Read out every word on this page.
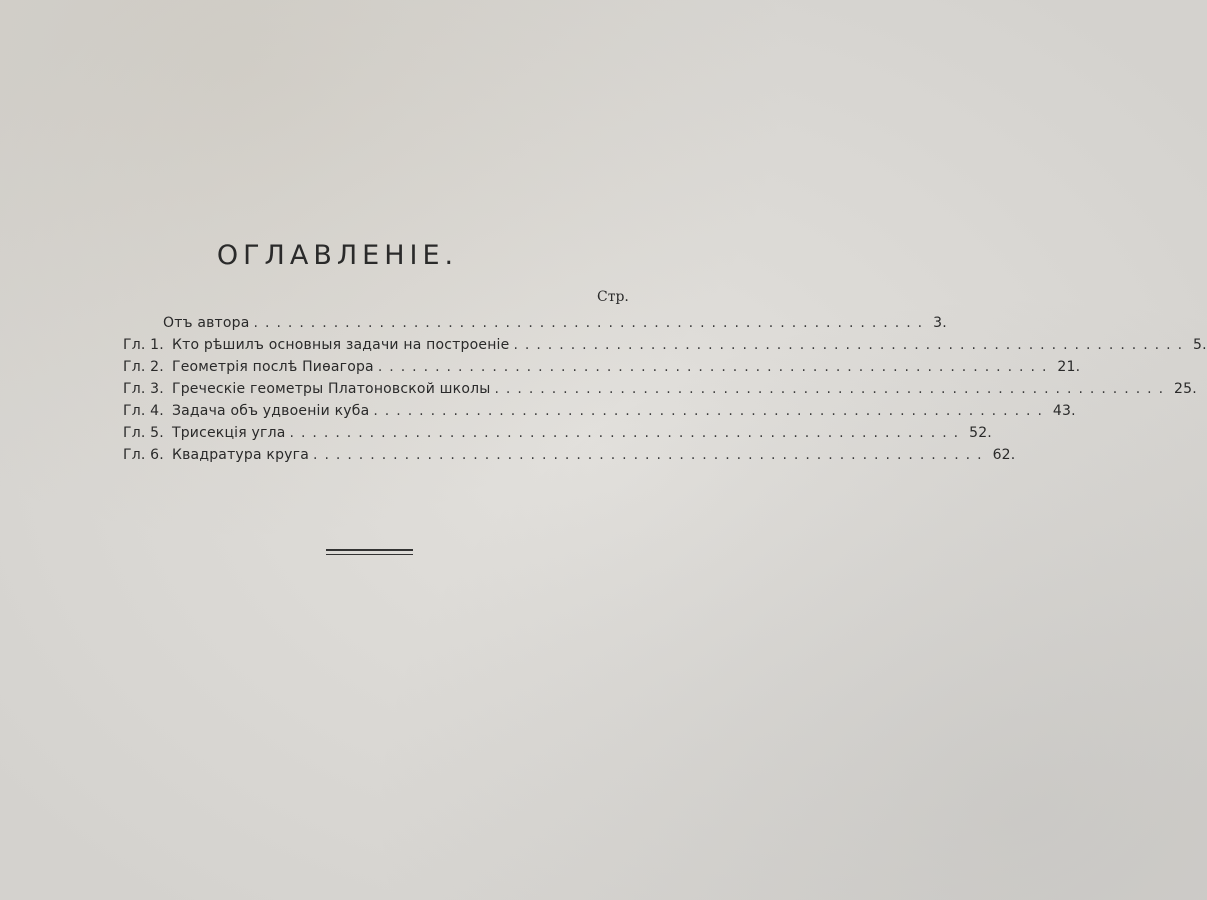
ОГЛАВЛЕНІЕ.
Стр.
Отъ автора ........................................................... 3.
Гл. 1. Кто рѣшилъ основныя задачи на построеніе ........................................................... 5.
Гл. 2. Геометрія послѣ Пиѳагора ........................................................... 21.
Гл. 3. Греческіе геометры Платоновской школы ........................................................... 25.
Гл. 4. Задача объ удвоеніи куба ........................................................... 43.
Гл. 5. Трисекція угла ........................................................... 52.
Гл. 6. Квадратура круга ........................................................... 62.
